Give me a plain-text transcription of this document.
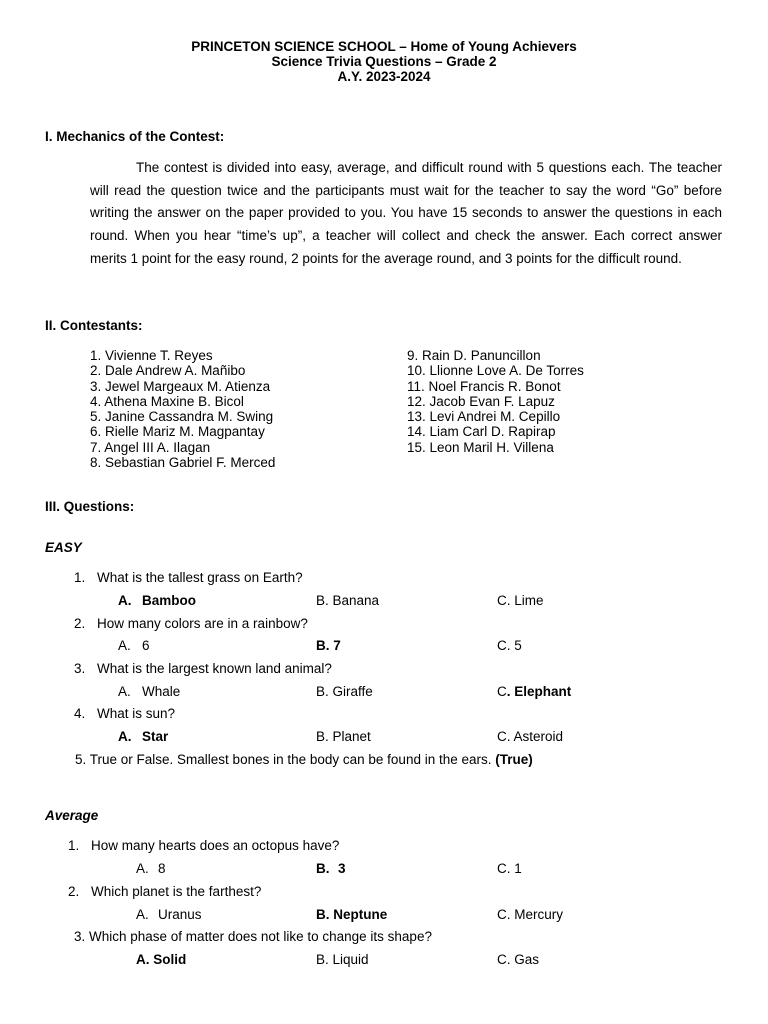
PRINCETON SCIENCE SCHOOL – Home of Young Achievers
Science Trivia Questions – Grade 2
A.Y. 2023-2024
I. Mechanics of the Contest:
The contest is divided into easy, average, and difficult round with 5 questions each. The teacher will read the question twice and the participants must wait for the teacher to say the word “Go” before writing the answer on the paper provided to you. You have 15 seconds to answer the questions in each round. When you hear “time’s up”, a teacher will collect and check the answer. Each correct answer merits 1 point for the easy round, 2 points for the average round, and 3 points for the difficult round.
II. Contestants:
1. Vivienne T. Reyes
2. Dale Andrew A. Mañibo
3. Jewel Margeaux M. Atienza
4. Athena Maxine B. Bicol
5. Janine Cassandra M. Swing
6. Rielle Mariz M. Magpantay
7. Angel III A. Ilagan
8. Sebastian Gabriel F. Merced
9. Rain D. Panuncillon
10. Llionne Love A. De Torres
11. Noel Francis R. Bonot
12. Jacob Evan F. Lapuz
13. Levi Andrei M. Cepillo
14. Liam Carl D. Rapirap
15. Leon Maril H. Villena
III. Questions:
EASY
1. What is the tallest grass on Earth?
A. Bamboo	B. Banana	C. Lime
2. How many colors are in a rainbow?
A. 6	B. 7	C. 5
3. What is the largest known land animal?
A. Whale	B. Giraffe	C. Elephant
4. What is sun?
A. Star	B. Planet	C. Asteroid
5. True or False. Smallest bones in the body can be found in the ears. (True)
Average
1. How many hearts does an octopus have?
A. 8	B. 3	C. 1
2. Which planet is the farthest?
A. Uranus	B. Neptune	C. Mercury
3. Which phase of matter does not like to change its shape?
A. Solid	B. Liquid	C. Gas
